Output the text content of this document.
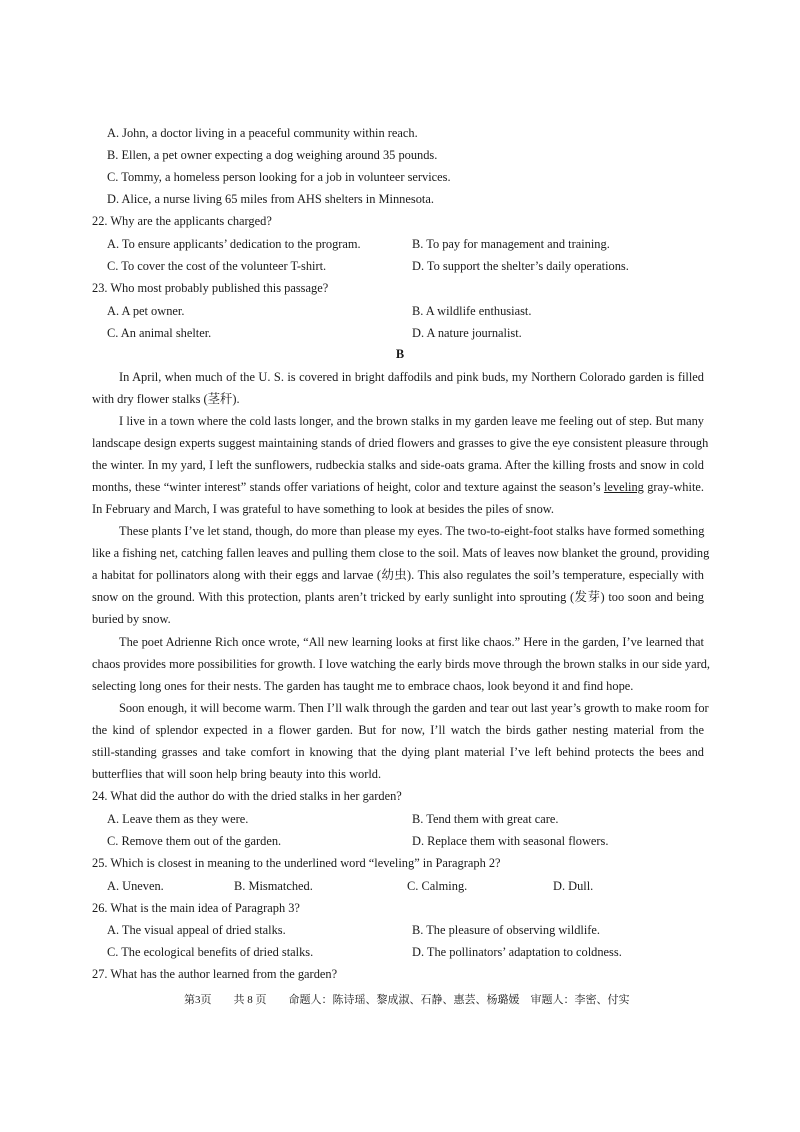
A. John, a doctor living in a peaceful community within reach.
B. Ellen, a pet owner expecting a dog weighing around 35 pounds.
C. Tommy, a homeless person looking for a job in volunteer services.
D. Alice, a nurse living 65 miles from AHS shelters in Minnesota.
22. Why are the applicants charged?
A. To ensure applicants’ dedication to the program.	B. To pay for management and training.
C. To cover the cost of the volunteer T-shirt.	D. To support the shelter’s daily operations.
23. Who most probably published this passage?
A. A pet owner.	B. A wildlife enthusiast.
C. An animal shelter.	D. A nature journalist.
B
In April, when much of the U. S. is covered in bright daffodils and pink buds, my Northern Colorado garden is filled
with dry flower stalks (茎秆).
I live in a town where the cold lasts longer, and the brown stalks in my garden leave me feeling out of step. But many
landscape design experts suggest maintaining stands of dried flowers and grasses to give the eye consistent pleasure through
the winter. In my yard, I left the sunflowers, rudbeckia stalks and side-oats grama. After the killing frosts and snow in cold
months, these “winter interest” stands offer variations of height, color and texture against the season’s leveling gray-white.
In February and March, I was grateful to have something to look at besides the piles of snow.
These plants I’ve let stand, though, do more than please my eyes. The two-to-eight-foot stalks have formed something
like a fishing net, catching fallen leaves and pulling them close to the soil. Mats of leaves now blanket the ground, providing
a habitat for pollinators along with their eggs and larvae (幼虫). This also regulates the soil’s temperature, especially with
snow on the ground. With this protection, plants aren’t tricked by early sunlight into sprouting (发芽) too soon and being
buried by snow.
The poet Adrienne Rich once wrote, “All new learning looks at first like chaos.” Here in the garden, I’ve learned that
chaos provides more possibilities for growth. I love watching the early birds move through the brown stalks in our side yard,
selecting long ones for their nests. The garden has taught me to embrace chaos, look beyond it and find hope.
Soon enough, it will become warm. Then I’ll walk through the garden and tear out last year’s growth to make room for
the kind of splendor expected in a flower garden. But for now, I’ll watch the birds gather nesting material from the
still-standing grasses and take comfort in knowing that the dying plant material I’ve left behind protects the bees and
butterflies that will soon help bring beauty into this world.
24. What did the author do with the dried stalks in her garden?
A. Leave them as they were.	B. Tend them with great care.
C. Remove them out of the garden.	D. Replace them with seasonal flowers.
25. Which is closest in meaning to the underlined word “leveling” in Paragraph 2?
A. Uneven.	B. Mismatched.	C. Calming.	D. Dull.
26. What is the main idea of Paragraph 3?
A. The visual appeal of dried stalks.	B. The pleasure of observing wildlife.
C. The ecological benefits of dried stalks.	D. The pollinators’ adaptation to coldness.
27. What has the author learned from the garden?
第3页　　共 8 页　　命题人：陈诗瑶、黎成淑、石静、惠芸、杨璐媛　审题人：李密、付实
